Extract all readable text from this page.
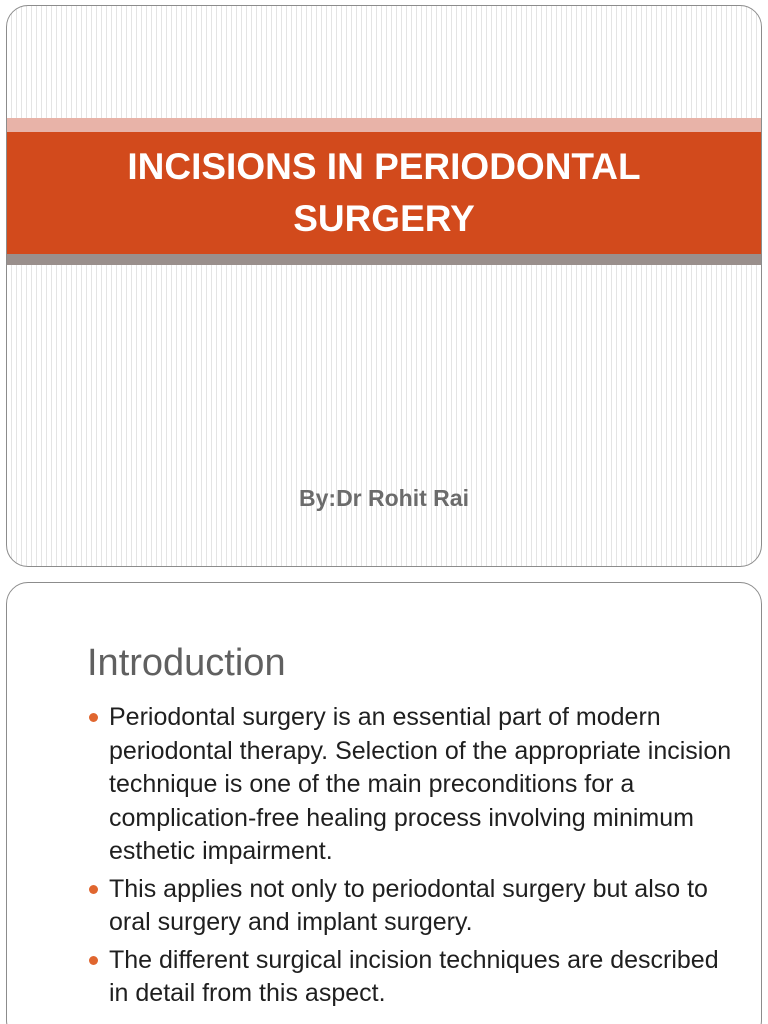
INCISIONS IN PERIODONTAL SURGERY
By:Dr Rohit Rai
Introduction
Periodontal surgery is an essential part of modern periodontal therapy. Selection of the appropriate incision technique is one of the main preconditions for a complication-free healing process involving minimum esthetic impairment.
This applies not only to periodontal surgery but also to oral surgery and implant surgery.
The different surgical incision techniques are described in detail from this aspect.
